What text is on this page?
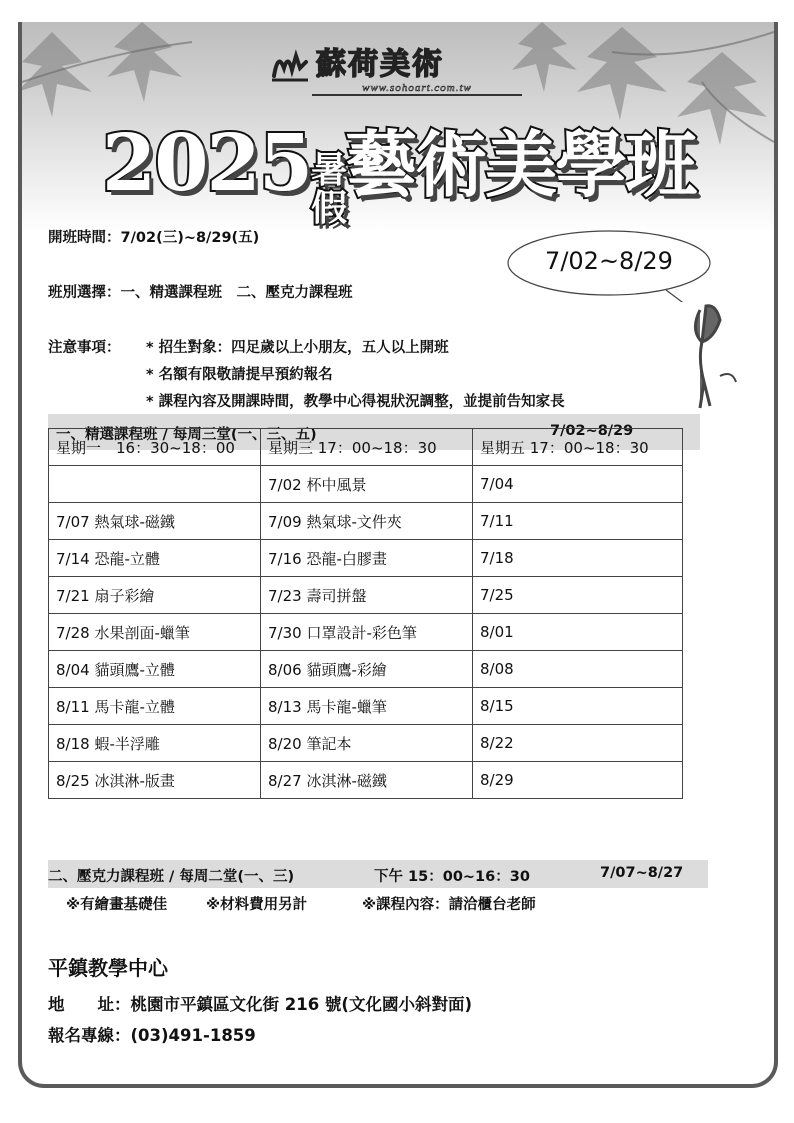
蘇荷美術
www.sohoart.com.tw
2025 暑
假
藝術美學班
開班時間：7/02(三)~8/29(五)
班別選擇：一、精選課程班　二、壓克力課程班
注意事項： * 招生對象：四足歲以上小朋友，五人以上開班
* 名額有限敬請提早預約報名
* 課程內容及開課時間，教學中心得視狀況調整，並提前告知家長
7/02~8/29
一、精選課程班 / 每周三堂(一、三、五)	7/02~8/29
星期一　16：30~18：00	星期三 17：00~18：30	星期五 17：00~18：30
	7/02 杯中風景	7/04
7/07 熱氣球-磁鐵	7/09 熱氣球-文件夾	7/11
7/14 恐龍-立體	7/16 恐龍-白膠畫	7/18
7/21 扇子彩繪	7/23 壽司拼盤	7/25
7/28 水果剖面-蠟筆	7/30 口罩設計-彩色筆	8/01
8/04 貓頭鷹-立體	8/06 貓頭鷹-彩繪	8/08
8/11 馬卡龍-立體	8/13 馬卡龍-蠟筆	8/15
8/18 蝦-半浮雕	8/20 筆記本	8/22
8/25 冰淇淋-版畫	8/27 冰淇淋-磁鐵	8/29
二、壓克力課程班 / 每周二堂(一、三)	下午 15：00~16：30	7/07~8/27
※有繪畫基礎佳	※材料費用另計	※課程內容：請洽櫃台老師
平鎮教學中心
地　　址：桃園市平鎮區文化街 216 號(文化國小斜對面)
報名專線：(03)491-1859
